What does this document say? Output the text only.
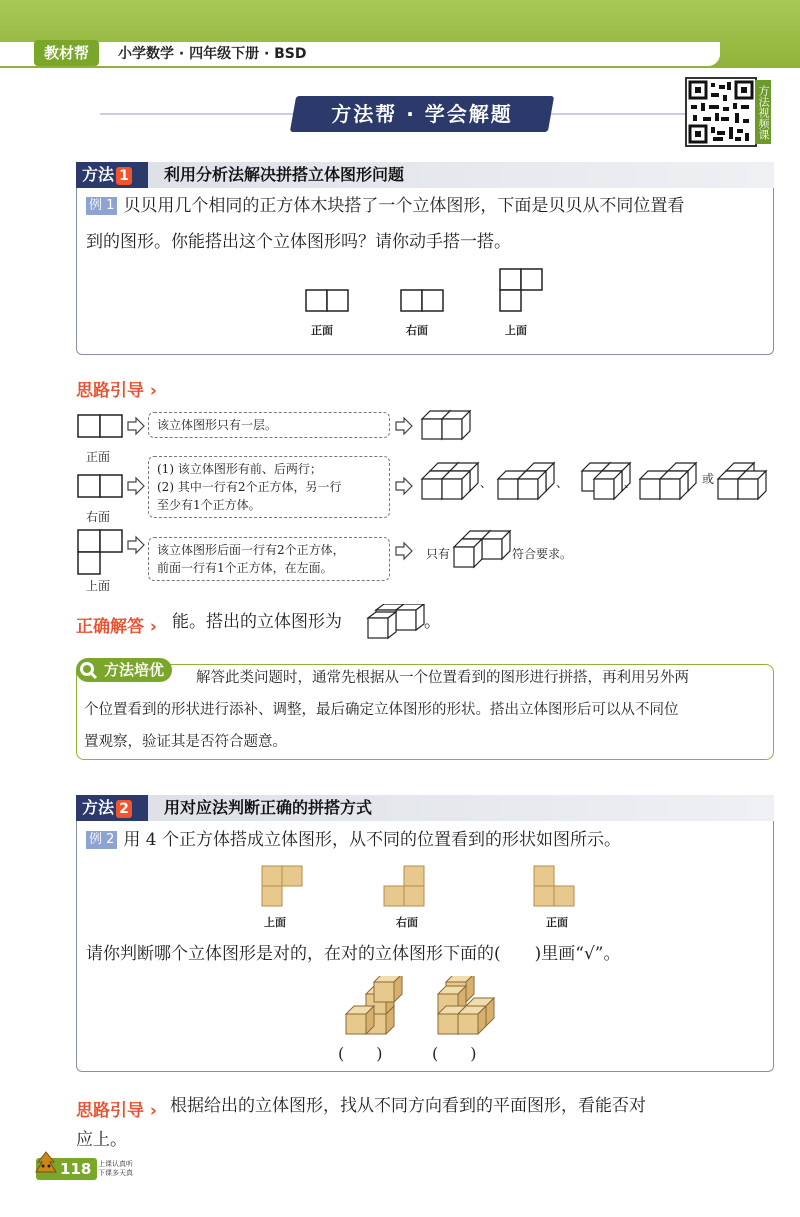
教材帮	小学数学 · 四年级下册 · BSD
方法帮 · 学会解题	方法视频课
方法 1	利用分析法解决拼搭立体图形问题
例 1 贝贝用几个相同的正方体木块搭了一个立体图形，下面是贝贝从不同位置看
到的图形。你能搭出这个立体图形吗？请你动手搭一搭。
正面	右面	上面
思路引导 ›
、	、	、
正面
该立体图形只有一层。
右面
(1) 该立体图形有前、后两行；
(2) 其中一行有2个正方体，另一行
至少有1个正方体。
或
上面
该立体图形后面一行有2个正方体，
前面一行有1个正方体，在左面。
只有	符合要求。
正确解答 › 能。搭出的立体图形为	。
方法培优	解答此类问题时，通常先根据从一个位置看到的图形进行拼搭，再利用另外两
个位置看到的形状进行添补、调整，最后确定立体图形的形状。搭出立体图形后可以从不同位
置观察，验证其是否符合题意。
方法 2	用对应法判断正确的拼搭方式
例 2 用 4 个正方体搭成立体图形，从不同的位置看到的形状如图所示。
上面	右面	正面
请你判断哪个立体图形是对的，在对的立体图形下面的(　　)里画“√”。
(　　)	(　　)
思路引导 › 根据给出的立体图形，找从不同方向看到的平面图形，看能否对
应上。
118 上课认真听
下课多天真
